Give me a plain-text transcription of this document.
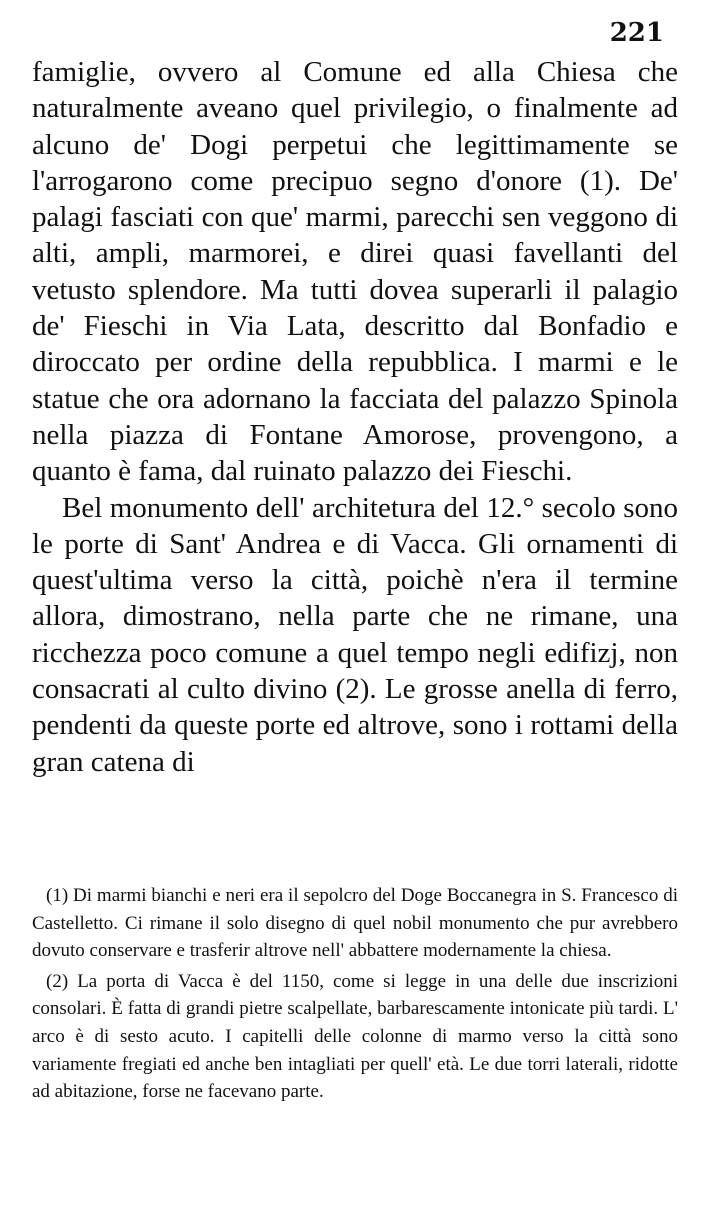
221

famiglie, ovvero al Comune ed alla Chiesa che naturalmente aveano quel privilegio, o finalmente ad alcuno de' Dogi perpetui che legittimamente se l'arrogarono come precipuo segno d'onore (1). De' palagi fasciati con que' marmi, parecchi sen veggono di alti, ampli, marmorei, e direi quasi favellanti del vetusto splendore. Ma tutti dovea superarli il palagio de' Fieschi in Via Lata, descritto dal Bonfadio e diroccato per ordine della repubblica. I marmi e le statue che ora adornano la facciata del palazzo Spinola nella piazza di Fontane Amorose, provengono, a quanto è fama, dal ruinato palazzo dei Fieschi.

Bel monumento dell' architetura del 12.° secolo sono le porte di Sant' Andrea e di Vacca. Gli ornamenti di quest'ultima verso la città, poichè n'era il termine allora, dimostrano, nella parte che ne rimane, una ricchezza poco comune a quel tempo negli edifizj, non consacrati al culto divino (2). Le grosse anella di ferro, pendenti da queste porte ed altrove, sono i rottami della gran catena di

(1) Di marmi bianchi e neri era il sepolcro del Doge Boccanegra in S. Francesco di Castelletto. Ci rimane il solo disegno di quel nobil monumento che pur avrebbero dovuto conservare e trasferir altrove nell' abbattere modernamente la chiesa.

(2) La porta di Vacca è del 1150, come si legge in una delle due inscrizioni consolari. È fatta di grandi pietre scalpellate, barbarescamente intonicate più tardi. L' arco è di sesto acuto. I capitelli delle colonne di marmo verso la città sono variamente fregiati ed anche ben intagliati per quell' età. Le due torri laterali, ridotte ad abitazione, forse ne facevano parte.
